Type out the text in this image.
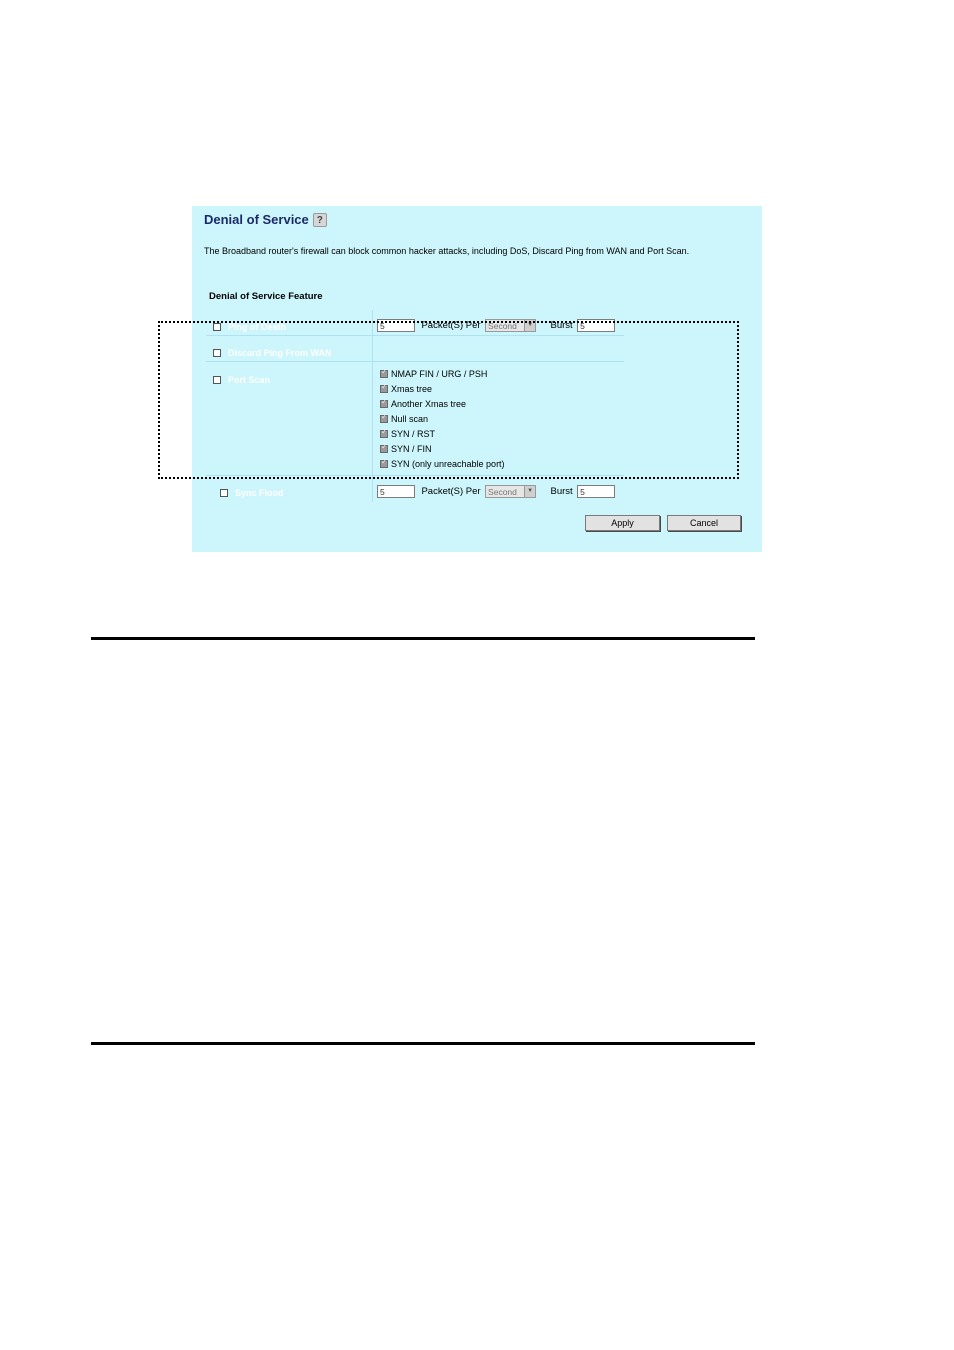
Denial of Service ?
The Broadband router's firewall can block common hacker attacks, including DoS, Discard Ping from WAN and Port Scan.
Denial of Service Feature
Ping of Death	5	Packet(S) Per Second	▼ Burst 5
Discard Ping From WAN
Port Scan
✓
NMAP FIN / URG / PSH
✓
Xmas tree
✓
Another Xmas tree
✓
Null scan
✓
SYN / RST
✓
SYN / FIN
✓
SYN (only unreachable port)
Sync Flood	5	Packet(S) Per Second	▼ Burst 5
Apply	Cancel
